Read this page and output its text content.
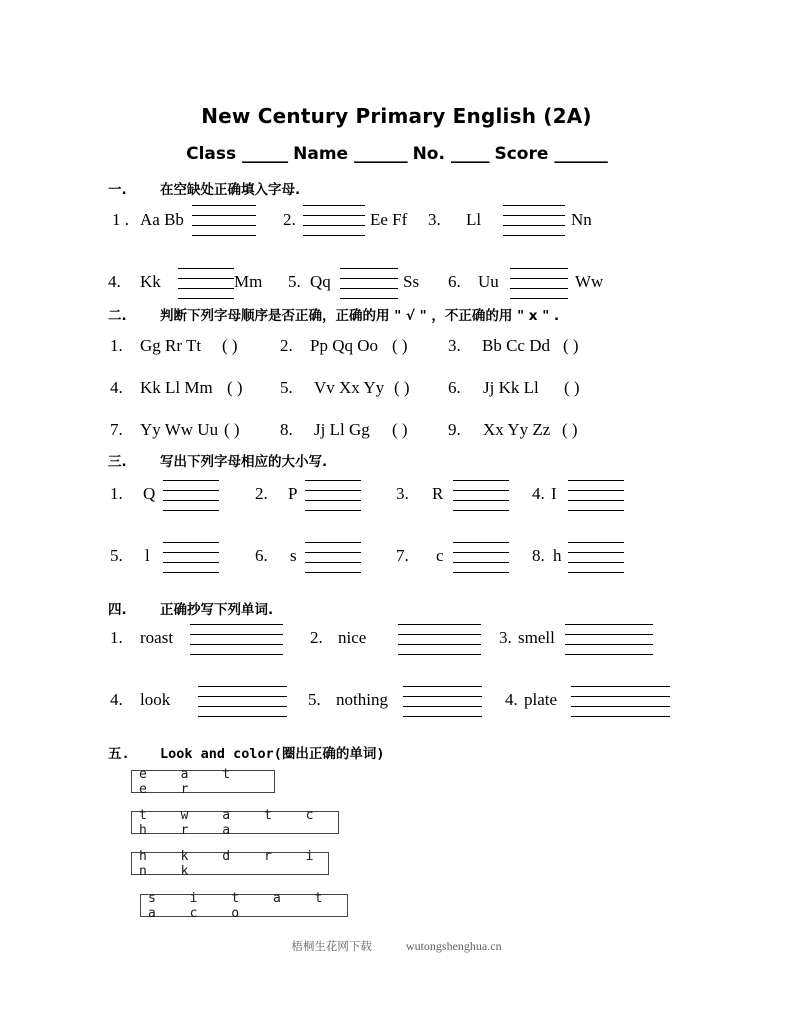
New Century Primary English (2A)
Class ______ Name _______ No. _____ Score _______
一. 在空缺处正确填入字母.
1 . Aa Bb	2.	Ee Ff 3. Ll	Nn
4. Kk	Mm 5. Qq	Ss 6. Uu	Ww
二. 判断下列字母顺序是否正确，正确的用 " √ " ，不正确的用 " x " .
1. Gg Rr Tt ( ) 2. Pp Qq Oo ( ) 3. Bb Cc Dd ( )
4. Kk Ll Mm ( ) 5. Vv Xx Yy ( ) 6. Jj Kk Ll ( )
7. Yy Ww Uu ( ) 8. Jj Ll Gg ( ) 9. Xx Yy Zz ( )
三. 写出下列字母相应的大小写.
1. Q	2. P	3. R	4. I
5. l	6. s	7. c	8. h
四. 正确抄写下列单词.
1. roast	2. nice	3. smell
4. look	5. nothing	4. plate
五. Look and color(圈出正确的单词)
e a t e r
t w a t c h r a
h k d r i n k
s i t a t a c o
梧桐生花网下载	wutongshenghua.cn
